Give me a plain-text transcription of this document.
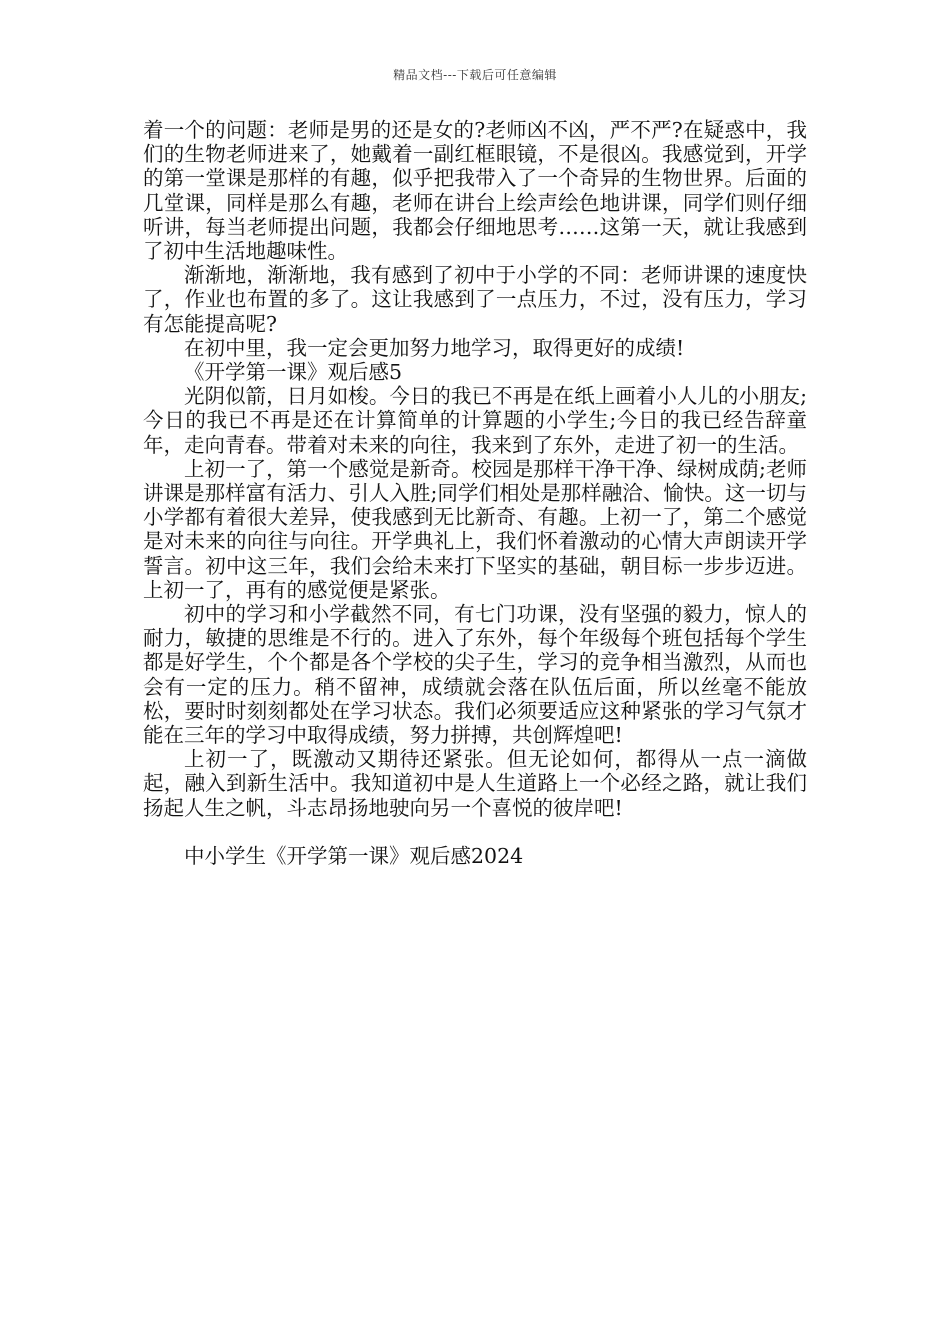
精品文档---下载后可任意编辑

着一个的问题：老师是男的还是女的?老师凶不凶，严不严?在疑惑中，我们的生物老师进来了，她戴着一副红框眼镜，不是很凶。我感觉到，开学的第一堂课是那样的有趣，似乎把我带入了一个奇异的生物世界。后面的几堂课，同样是那么有趣，老师在讲台上绘声绘色地讲课，同学们则仔细听讲，每当老师提出问题，我都会仔细地思考……这第一天，就让我感到了初中生活地趣味性。

渐渐地，渐渐地，我有感到了初中于小学的不同：老师讲课的速度快了，作业也布置的多了。这让我感到了一点压力，不过，没有压力，学习有怎能提高呢?

在初中里，我一定会更加努力地学习，取得更好的成绩!

《开学第一课》观后感5

光阴似箭，日月如梭。今日的我已不再是在纸上画着小人儿的小朋友;今日的我已不再是还在计算简单的计算题的小学生;今日的我已经告辞童年，走向青春。带着对未来的向往，我来到了东外，走进了初一的生活。

上初一了，第一个感觉是新奇。校园是那样干净干净、绿树成荫;老师讲课是那样富有活力、引人入胜;同学们相处是那样融洽、愉快。这一切与小学都有着很大差异，使我感到无比新奇、有趣。上初一了，第二个感觉是对未来的向往与向往。开学典礼上，我们怀着激动的心情大声朗读开学誓言。初中这三年，我们会给未来打下坚实的基础，朝目标一步步迈进。上初一了，再有的感觉便是紧张。

初中的学习和小学截然不同，有七门功课，没有坚强的毅力，惊人的耐力，敏捷的思维是不行的。进入了东外，每个年级每个班包括每个学生都是好学生，个个都是各个学校的尖子生，学习的竞争相当激烈，从而也会有一定的压力。稍不留神，成绩就会落在队伍后面，所以丝毫不能放松，要时时刻刻都处在学习状态。我们必须要适应这种紧张的学习气氛才能在三年的学习中取得成绩，努力拼搏，共创辉煌吧!

上初一了，既激动又期待还紧张。但无论如何，都得从一点一滴做起，融入到新生活中。我知道初中是人生道路上一个必经之路，就让我们扬起人生之帆，斗志昂扬地驶向另一个喜悦的彼岸吧!

中小学生《开学第一课》观后感2024
